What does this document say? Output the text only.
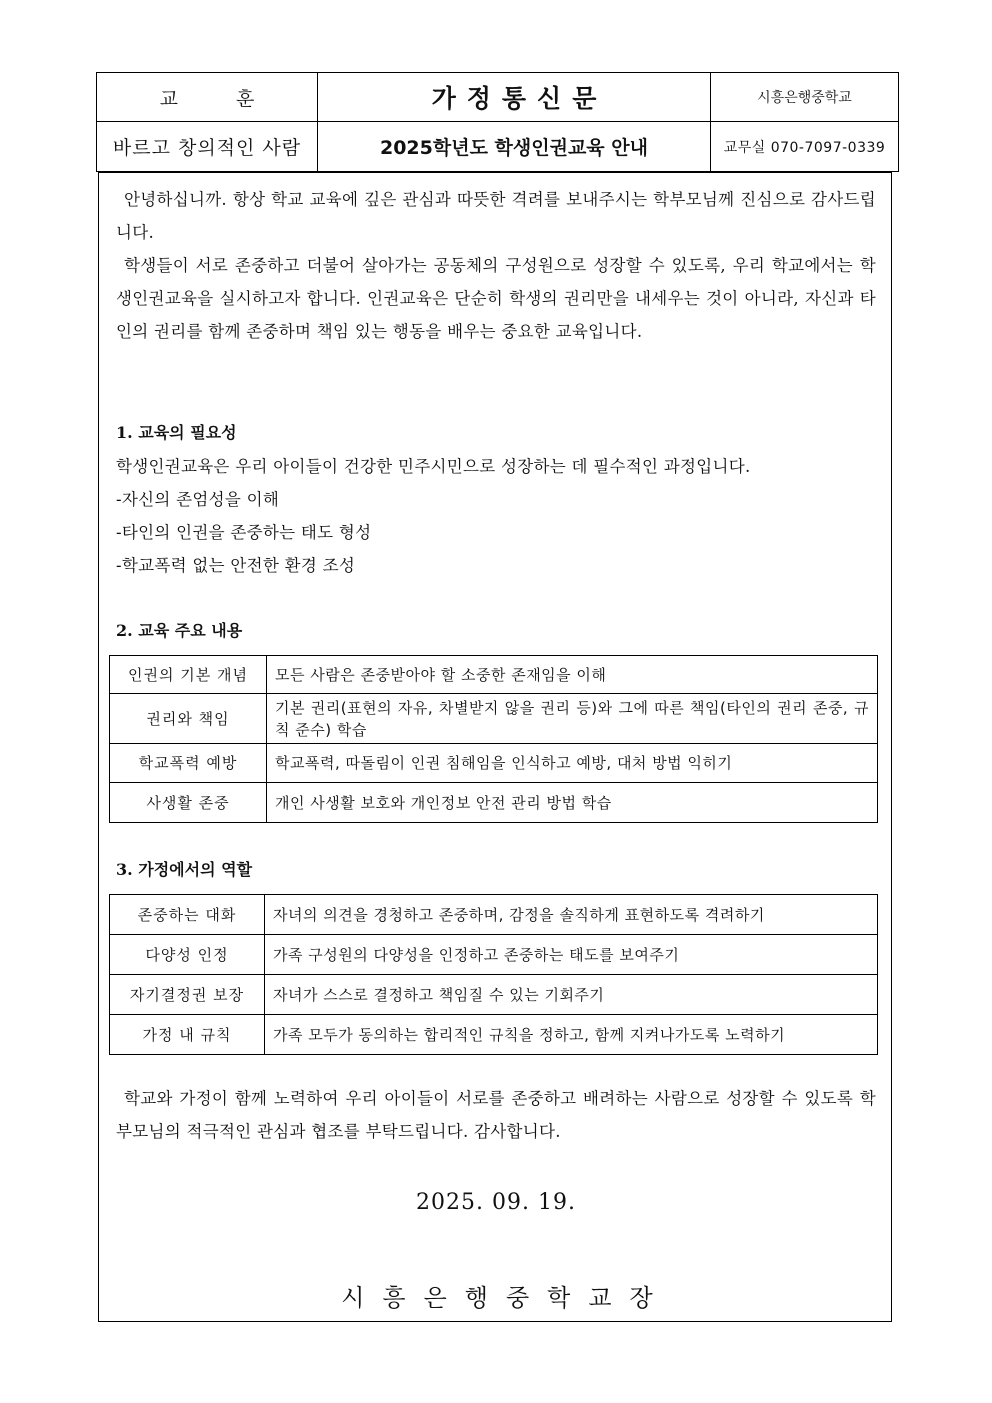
교 훈	가정통신문	시흥은행중학교
바르고 창의적인 사람	2025학년도 학생인권교육 안내	교무실 070-7097-0339

안녕하십니까. 항상 학교 교육에 깊은 관심과 따뜻한 격려를 보내주시는 학부모님께 진심으로 감사드립니다.

학생들이 서로 존중하고 더불어 살아가는 공동체의 구성원으로 성장할 수 있도록, 우리 학교에서는 학생인권교육을 실시하고자 합니다. 인권교육은 단순히 학생의 권리만을 내세우는 것이 아니라, 자신과 타인의 권리를 함께 존중하며 책임 있는 행동을 배우는 중요한 교육입니다.

1. 교육의 필요성

학생인권교육은 우리 아이들이 건강한 민주시민으로 성장하는 데 필수적인 과정입니다.

-자신의 존엄성을 이해

-타인의 인권을 존중하는 태도 형성

-학교폭력 없는 안전한 환경 조성

2. 교육 주요 내용

인권의 기본 개념	모든 사람은 존중받아야 할 소중한 존재임을 이해
권리와 책임	기본 권리(표현의 자유, 차별받지 않을 권리 등)와 그에 따른 책임(타인의 권리 존중, 규칙 준수) 학습
학교폭력 예방	학교폭력, 따돌림이 인권 침해임을 인식하고 예방, 대처 방법 익히기
사생활 존중	개인 사생활 보호와 개인정보 안전 관리 방법 학습

3. 가정에서의 역할

존중하는 대화	자녀의 의견을 경청하고 존중하며, 감정을 솔직하게 표현하도록 격려하기
다양성 인정	가족 구성원의 다양성을 인정하고 존중하는 태도를 보여주기
자기결정권 보장	자녀가 스스로 결정하고 책임질 수 있는 기회주기
가정 내 규칙	가족 모두가 동의하는 합리적인 규칙을 정하고, 함께 지켜나가도록 노력하기

학교와 가정이 함께 노력하여 우리 아이들이 서로를 존중하고 배려하는 사람으로 성장할 수 있도록 학부모님의 적극적인 관심과 협조를 부탁드립니다. 감사합니다.

2025. 09. 19.
시흥은행중학교장
